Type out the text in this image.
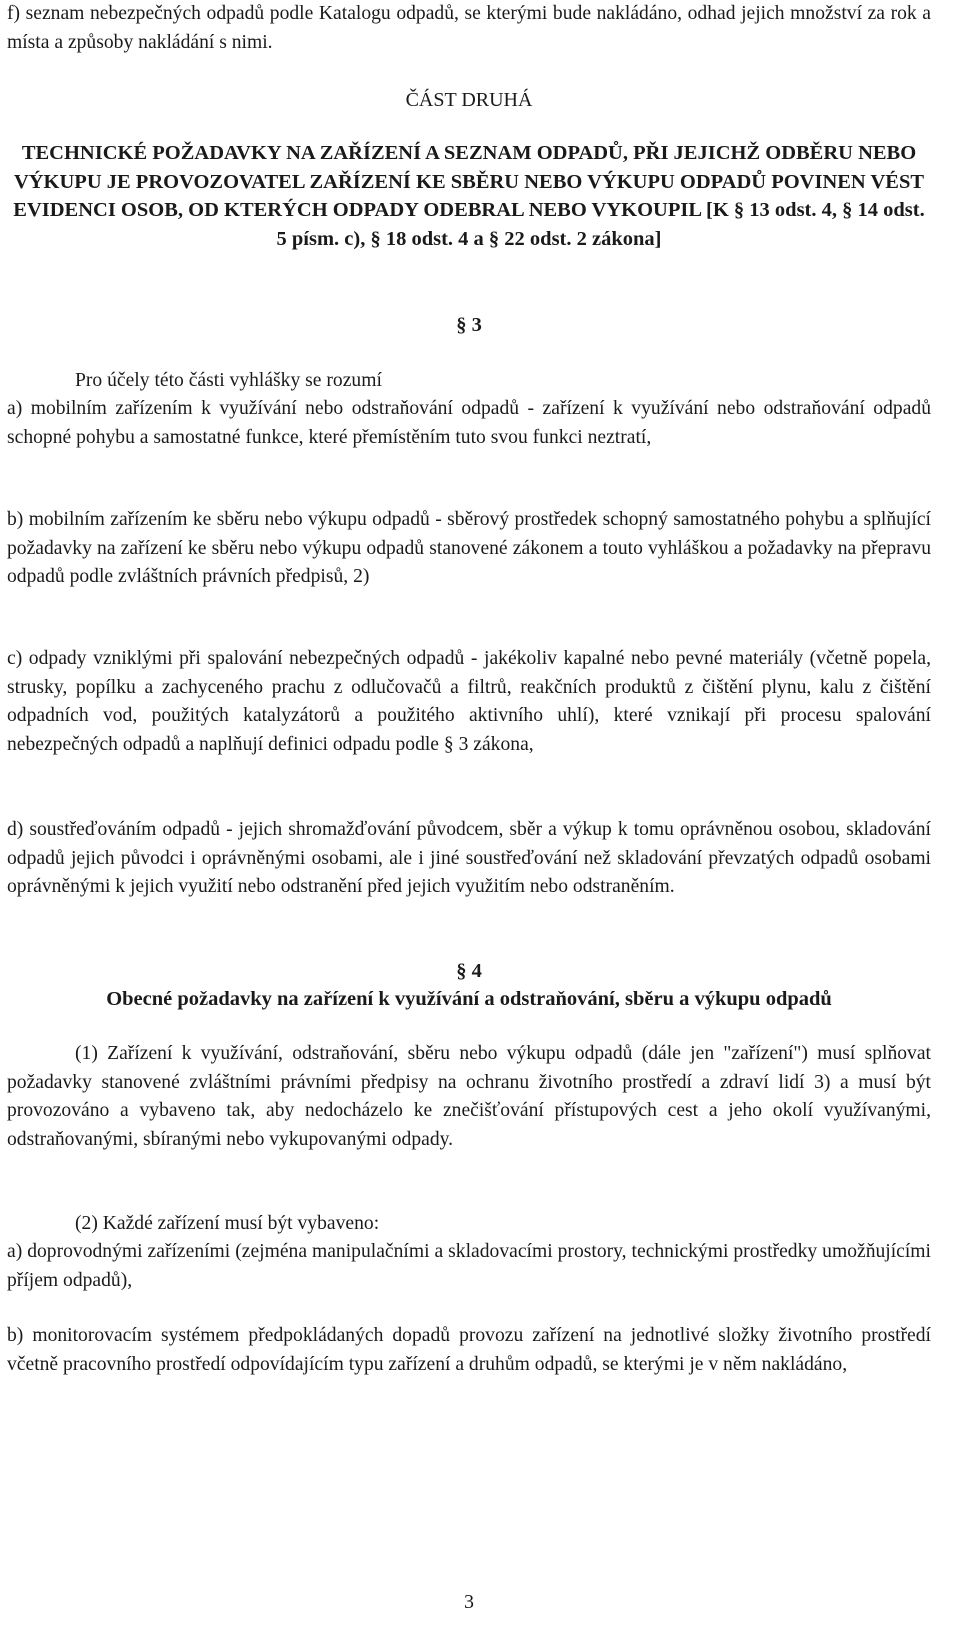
f) seznam nebezpečných odpadů podle Katalogu odpadů, se kterými bude nakládáno, odhad jejich množství za rok a místa a způsoby nakládání s nimi.

ČÁST DRUHÁ

TECHNICKÉ POŽADAVKY NA ZAŘÍZENÍ A SEZNAM ODPADŮ, PŘI JEJICHŽ ODBĚRU NEBO VÝKUPU JE PROVOZOVATEL ZAŘÍZENÍ KE SBĚRU NEBO VÝKUPU ODPADŮ POVINEN VÉST EVIDENCI OSOB, OD KTERÝCH ODPADY ODEBRAL NEBO VYKOUPIL [K § 13 odst. 4, § 14 odst. 5 písm. c), § 18 odst. 4 a § 22 odst. 2 zákona]

§ 3

Pro účely této části vyhlášky se rozumí

a) mobilním zařízením k využívání nebo odstraňování odpadů - zařízení k využívání nebo odstraňování odpadů schopné pohybu a samostatné funkce, které přemístěním tuto svou funkci neztratí,

b) mobilním zařízením ke sběru nebo výkupu odpadů - sběrový prostředek schopný samostatného pohybu a splňující požadavky na zařízení ke sběru nebo výkupu odpadů stanovené zákonem a touto vyhláškou a požadavky na přepravu odpadů podle zvláštních právních předpisů, 2)

c) odpady vzniklými při spalování nebezpečných odpadů - jakékoliv kapalné nebo pevné materiály (včetně popela, strusky, popílku a zachyceného prachu z odlučovačů a filtrů, reakčních produktů z čištění plynu, kalu z čištění odpadních vod, použitých katalyzátorů a použitého aktivního uhlí), které vznikají při procesu spalování nebezpečných odpadů a naplňují definici odpadu podle § 3 zákona,

d) soustřeďováním odpadů - jejich shromažďování původcem, sběr a výkup k tomu oprávněnou osobou, skladování odpadů jejich původci i oprávněnými osobami, ale i jiné soustřeďování než skladování převzatých odpadů osobami oprávněnými k jejich využití nebo odstranění před jejich využitím nebo odstraněním.

§ 4

Obecné požadavky na zařízení k využívání a odstraňování, sběru a výkupu odpadů

(1) Zařízení k využívání, odstraňování, sběru nebo výkupu odpadů (dále jen "zařízení") musí splňovat požadavky stanovené zvláštními právními předpisy na ochranu životního prostředí a zdraví lidí 3) a musí být provozováno a vybaveno tak, aby nedocházelo ke znečišťování přístupových cest a jeho okolí využívanými, odstraňovanými, sbíranými nebo vykupovanými odpady.

(2) Každé zařízení musí být vybaveno:

a) doprovodnými zařízeními (zejména manipulačními a skladovacími prostory, technickými prostředky umožňujícími příjem odpadů),

b) monitorovacím systémem předpokládaných dopadů provozu zařízení na jednotlivé složky životního prostředí včetně pracovního prostředí odpovídajícím typu zařízení a druhům odpadů, se kterými je v něm nakládáno,

3
